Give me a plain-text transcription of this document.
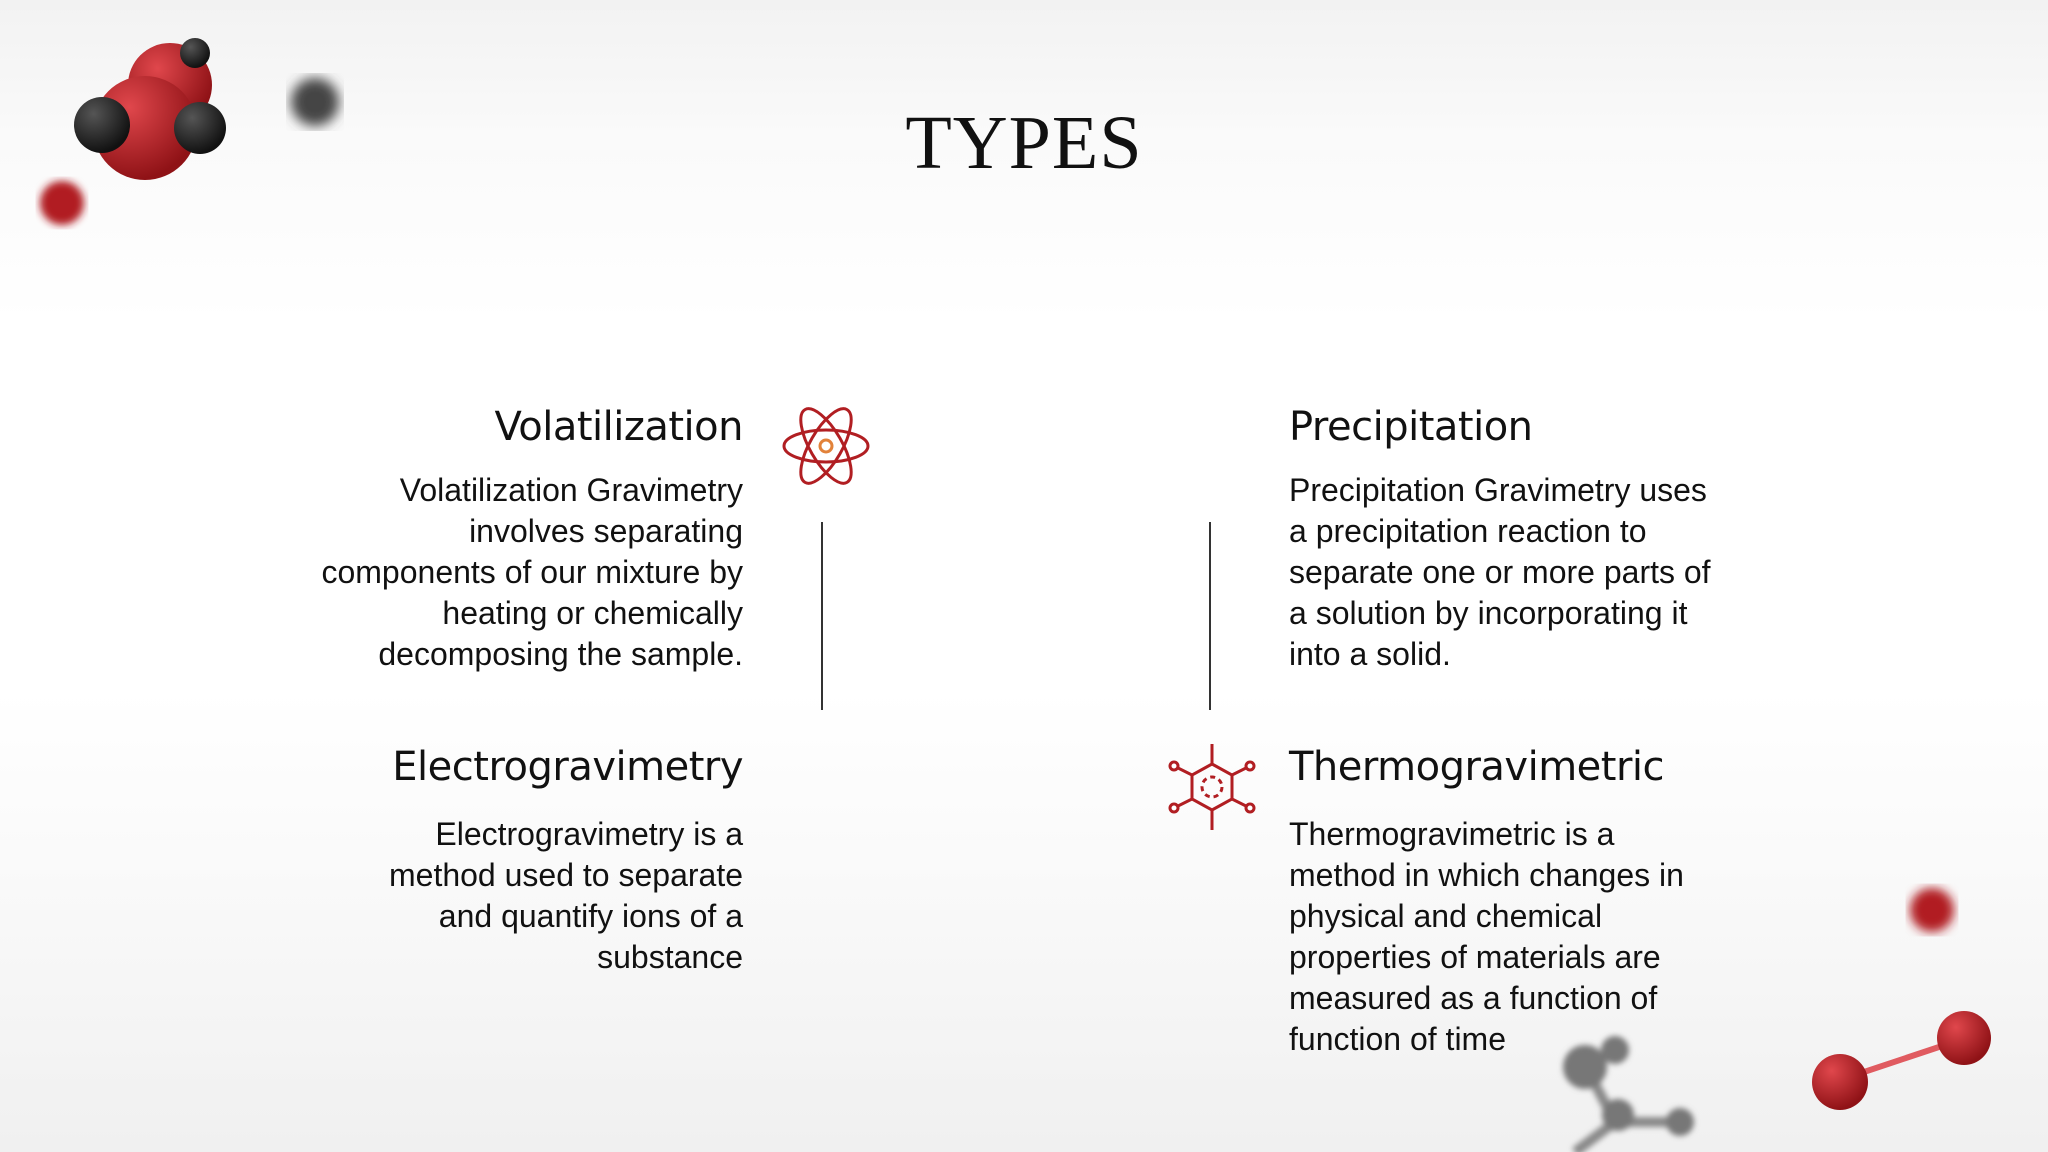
TYPES
Volatilization
Volatilization Gravimetry involves separating components of our mixture by heating or chemically decomposing the sample.
Precipitation
Precipitation Gravimetry uses a precipitation reaction to separate one or more parts of a solution by incorporating it into a solid.
Electrogravimetry
Electrogravimetry is a method used to separate and quantify ions of a substance
Thermogravimetric
Thermogravimetric is a method in which changes in physical and chemical properties of materials are measured as a function of function of time
